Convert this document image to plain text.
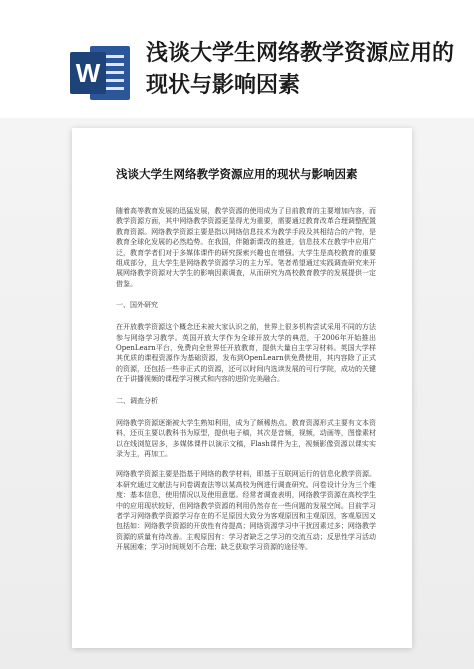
W
浅谈大学生网络教学资源应用的现状与影响因素

浅谈大学生网络教学资源应用的现状与影响因素

随着高等教育发展的迅猛发展，教学资源的使用成为了目前教育的主要增加内容，而教学资源方面，其中网络教学资源更显得尤为重要，需要通过教育改革合理调整配置教育资源。网络教学资源主要是指以网络信息技术为教学手段及其相结合的产物，是教育全球化发展的必然趋势。在我国，伴随新课改的推进，信息技术在教学中应用广泛，教育学者们对于多媒体课件的研究探索兴趣也在增强。大学生是高校教育的重要组成部分，且大学生是网络教学资源学习的主力军。笔者希望通过实践调查研究来开展网络教学资源对大学生的影响因素调查，从而研究为高校教育教学的发展提供一定借鉴。

一、国外研究

在开放教学资源这个概念还未被大家认识之前，世界上很多机构尝试采用不同的方法参与网络学习教学。英国开放大学作为全球开放大学的典范，于2006年开始推出OpenLearn平台，免费向全世界任开放教育，提供大量自主学习材料。英国大学样其优质的课程资源作为基础资源，发布到OpenLearn供免费使用，其内容除了正式的资源，还包括一些非正式的资源，还可以时间内选读发展的可行学院，成功的关键在于讲播视频的课程学习模式和内容的进阶完美融合。

二、调查分析

网络教学资源逐渐被大学生熟知利用，成为了颇稀热点。教育资源形式主要有文本资料，还页主要以教科书为原型，提供电子稿，其次是音频，视频，动画等，图像素材以在线浏览居多，多媒体课件以演示文稿，Flash课件为主，视频影像资源以课实实录为主，再加工。

网络教学资源主要是指基于网络的教学材料，即基于互联网运行的信息化教学资源。本研究通过文献法与问卷调查法等以某高校为例进行调查研究。问卷设计分为三个维度：基本信息，使用情况以及使用意愿。经常者调查表明，网络教学资源在高校学生中的应用现状较好，但网络教学资源的利用仍然存在一些问题的发展空间。目前学习者学习网络教学资源学习存在的不足原因大致分为客观原因和主观原因，客观原因又包括如：网络教学资源的开放性有待提高；网络资源学习中干扰因素过多；网络教学资源的质量有待改善。主观原因有：学习者缺乏之学习的交流互动；反思性学习活动开展困难；学习时间规划不合理；缺乏获取学习资源的途径等。
